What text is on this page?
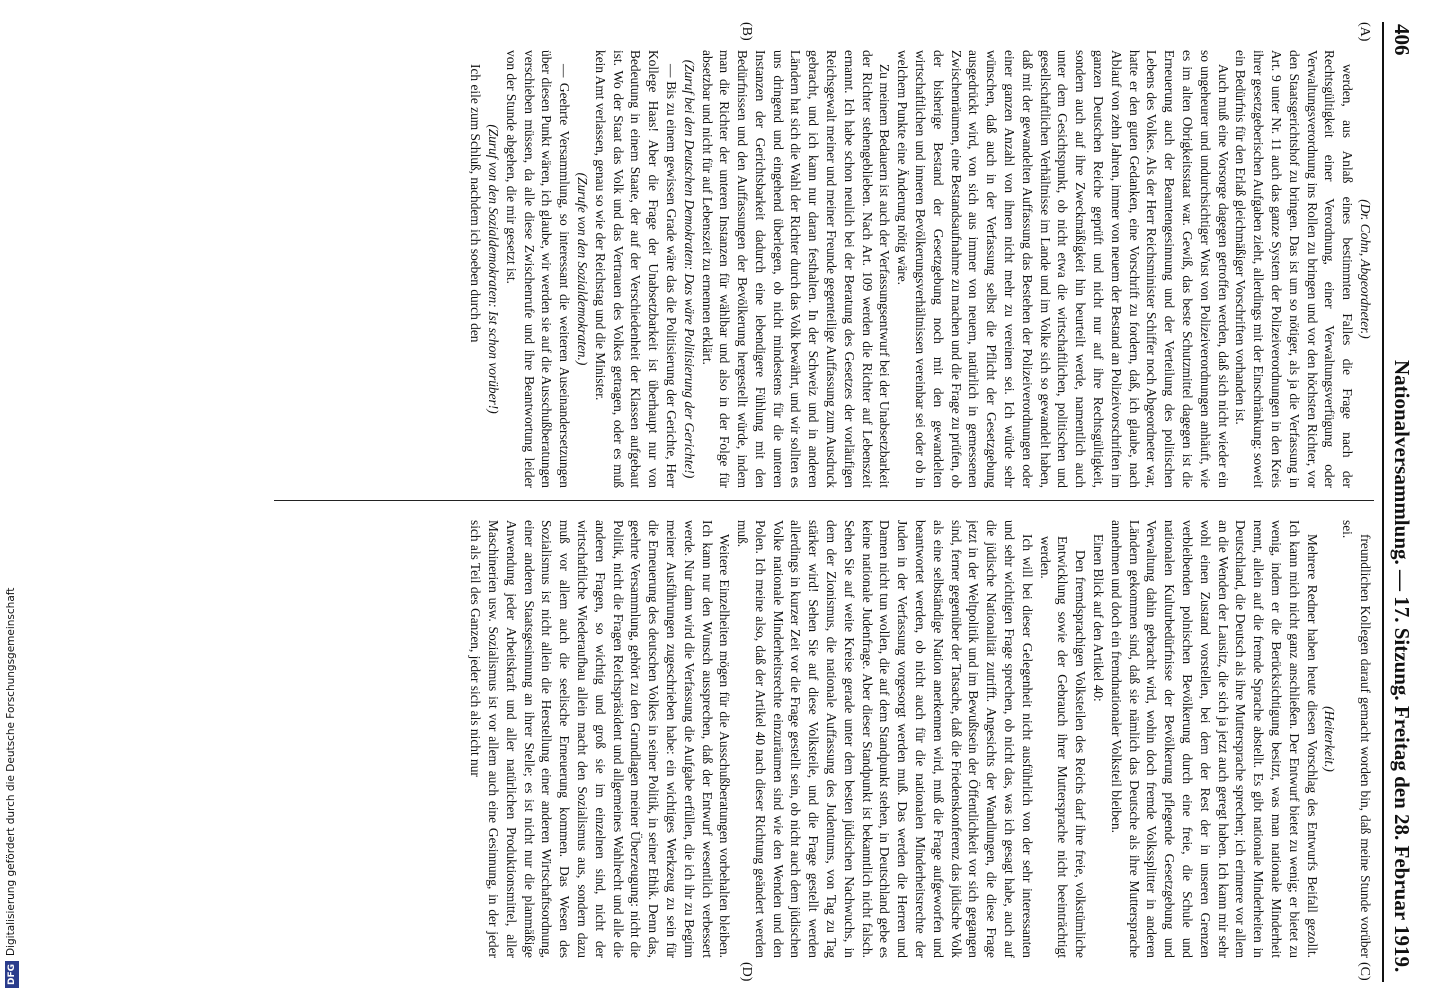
406
Nationalversammlung. — 17. Sitzung. Freitag den 28. Februar 1919.
(A)
(B)
(C)
(D)

(Dr. Cohn, Abgeordneter.)

werden, aus Anlaß eines bestimmten Falles die Frage nach der Rechtsgültigkeit einer Verordnung, einer Verwaltungsverfügung oder Verwaltungsverordnung ins Rollen zu bringen und vor den höchsten Richter, vor den Staatsgerichtshof zu bringen. Das ist um so nötiger, als ja die Verfassung in Art. 9 unter Nr. 11 auch das ganze System der Polizeiverordnungen in den Kreis ihrer gesetzgeberischen Aufgaben zieht, allerdings mit der Einschränkung: soweit ein Bedürfnis für den Erlaß gleichmäßiger Vorschriften vorhanden ist.

Auch muß eine Vorsorge dagegen getroffen werden, daß sich nicht wieder ein so ungeheurer und undurchsichtiger Wust von Polizeiverordnungen anhäuft, wie es im alten Obrigkeitsstaat war. Gewiß, das beste Schutzmittel dagegen ist die Erneuerung auch der Beamtengesinnung und der Verteilung des politischen Lebens des Volkes. Als der Herr Reichsminister Schiffer noch Abgeordneter war, hatte er den guten Gedanken, eine Vorschrift zu fordern, daß, ich glaube, nach Ablauf von zehn Jahren, immer von neuem der Bestand an Polizeivorschriften im ganzen Deutschen Reiche geprüft und nicht nur auf ihre Rechtsgültigkeit, sondern auch auf ihre Zweckmäßigkeit hin beurteilt werde, namentlich auch unter dem Gesichtspunkt, ob nicht etwa die wirtschaftlichen, politischen und gesellschaftlichen Verhältnisse im Lande und im Volke sich so gewandelt haben, daß mit der gewandelten Auffassung das Bestehen der Polizeiverordnungen oder einer ganzen Anzahl von ihnen nicht mehr zu vereinen sei. Ich würde sehr wünschen, daß auch in der Verfassung selbst die Pflicht der Gesetzgebung ausgedrückt wird, von sich aus immer von neuem, natürlich in gemessenen Zwischenräumen, eine Bestandsaufnahme zu machen und die Frage zu prüfen, ob der bisherige Bestand der Gesetzgebung noch mit den gewandelten wirtschaftlichen und inneren Bevölkerungsverhältnissen vereinbar sei oder ob in welchem Punkte eine Änderung nötig wäre.

Zu meinem Bedauern ist auch der Verfassungsentwurf bei der Unabsetzbarkeit der Richter stehengeblieben. Nach Art. 109 werden die Richter auf Lebenszeit ernannt. Ich habe schon neulich bei der Beratung des Gesetzes der vorläufigen Reichsgewalt meiner und meiner Freunde gegenteilige Auffassung zum Ausdruck gebracht, und ich kann nur daran festhalten. In der Schweiz und in anderen Ländern hat sich die Wahl der Richter durch das Volk bewährt, und wir sollten es uns dringend und eingehend überlegen, ob nicht mindestens für die unteren Instanzen der Gerichtsbarkeit dadurch eine lebendigere Fühlung mit den Bedürfnissen und den Auffassungen der Bevölkerung hergestellt würde, indem man die Richter der unteren Instanzen für wählbar und also in der Folge für absetzbar und nicht für auf Lebenszeit zu ernennen erklärt.

(Zuruf bei den Deutschen Demokraten: Das wäre Politisierung der Gerichte!)

— Bis zu einem gewissen Grade wäre das die Politisierung der Gerichte, Herr Kollege Haas! Aber die Frage der Unabsetzbarkeit ist überhaupt nur von Bedeutung in einem Staate, der auf der Verschiedenheit der Klassen aufgebaut ist. Wo der Staat das Volk und das Vertrauen des Volkes getragen, oder es muß kein Amt verlassen, genau so wie der Reichstag und die Minister.

(Zurufe von den Sozialdemokraten.)

— Geehrte Versammlung, so interessant die weiteren Auseinandersetzungen über diesen Punkt wären, ich glaube, wir werden sie auf die Ausschußberatungen verschieben müssen, da alle diese Zwischenrufe und ihre Beantwortung leider von der Stunde abgehen, die mir gesetzt ist.

(Zuruf von den Sozialdemokraten: Ist schon vorüber!)

Ich eile zum Schluß, nachdem ich soeben durch den

freundlichen Kollegen darauf gemacht worden bin, daß meine Stunde vorüber sei.

(Heiterkeit.)

Mehrere Redner haben heute diesen Vorschlag des Entwurfs Beifall gezollt. Ich kann mich nicht ganz anschließen. Der Entwurf bietet zu wenig; er bietet zu wenig, indem er die Berücksichtigung besitzt, was man nationale Minderheit nennt, allein auf die fremde Sprache abstellt. Es gibt nationale Minderheiten in Deutschland, die Deutsch als ihre Muttersprache sprechen; ich erinnere vor allem an die Wenden der Lausitz, die sich ja jetzt auch geregt haben. Ich kann mir sehr wohl einen Zustand vorstellen, bei dem der Rest der in unseren Grenzen verbleibenden polnischen Bevölkerung durch eine freie, die Schule und nationalen Kulturbedürfnisse der Bevölkerung pflegende Gesetzgebung und Verwaltung dahin gebracht wird, wohin doch fremde Volkssplitter in anderen Ländern gekommen sind, daß sie nämlich das Deutsche als ihre Muttersprache annehmen und doch ein fremdnationaler Volksteil bleiben.

Einen Blick auf den Artikel 40:

Den fremdsprachigen Volksteilen des Reichs darf ihre freie, volkstümliche Entwicklung sowie der Gebrauch ihrer Muttersprache nicht beeinträchtigt werden.

Ich will bei dieser Gelegenheit nicht ausführlich von der sehr interessanten und sehr wichtigen Frage sprechen, ob nicht das, was ich gesagt habe, auch auf die jüdische Nationalität zutrifft. Angesichts der Wandlungen, die diese Frage jetzt in der Weltpolitik und im Bewußtsein der Öffentlichkeit vor sich gegangen sind, ferner gegenüber der Tatsache, daß die Friedenskonferenz das jüdische Volk als eine selbständige Nation anerkennen wird, muß die Frage aufgeworfen und beantwortet werden, ob nicht auch für die nationalen Minderheitsrechte der Juden in der Verfassung vorgesorgt werden muß. Das werden die Herren und Damen nicht tun wollen, die auf dem Standpunkt stehen, in Deutschland gebe es keine nationale Judenfrage. Aber dieser Standpunkt ist bekanntlich nicht falsch. Sehen Sie auf weite Kreise gerade unter dem besten jüdischen Nachwuchs, in dem der Zionismus, die nationale Auffassung des Judentums, von Tag zu Tag stärker wird! Sehen Sie auf diese Volksteile, und die Frage gestellt werden allerdings in kurzer Zeit vor die Frage gestellt sein, ob nicht auch dem jüdischen Volke nationale Minderheitsrechte einzuräumen sind wie den Wenden und den Polen. Ich meine also, daß der Artikel 40 nach dieser Richtung geändert werden muß.

Weitere Einzelheiten mögen für die Ausschußberatungen vorbehalten bleiben. Ich kann nur den Wunsch aussprechen, daß der Entwurf wesentlich verbessert werde. Nur dann wird die Verfassung die Aufgabe erfüllen, die ich ihr zu Beginn meiner Ausführungen zugeschrieben habe: ein wichtiges Werkzeug zu sein für die Erneuerung des deutschen Volkes in seiner Politik, in seiner Ethik. Denn das, geehrte Versammlung, gehört zu den Grundlagen meiner Überzeugung: nicht die Politik, nicht die Fragen Reichspräsident und allgemeines Wahlrecht und alle die anderen Fragen, so wichtig und groß sie im einzelnen sind, nicht der wirtschaftliche Wiederaufbau allein macht den Sozialismus aus, sondern dazu muß vor allem auch die seelische Erneuerung kommen. Das Wesen des Sozialismus ist nicht allein die Herstellung einer anderen Wirtschaftsordnung, einer anderen Staatsgesinnung an ihrer Stelle; es ist nicht nur die planmäßige Anwendung jeder Arbeitskraft und aller natürlichen Produktionsmittel, aller Maschinerien usw. Sozialismus ist vor allem auch eine Gesinnung, in der jeder sich als Teil des Ganzen, jeder sich als nicht nur

DFGDigitalisierung gefördert durch die Deutsche Forschungsgemeinschaft
